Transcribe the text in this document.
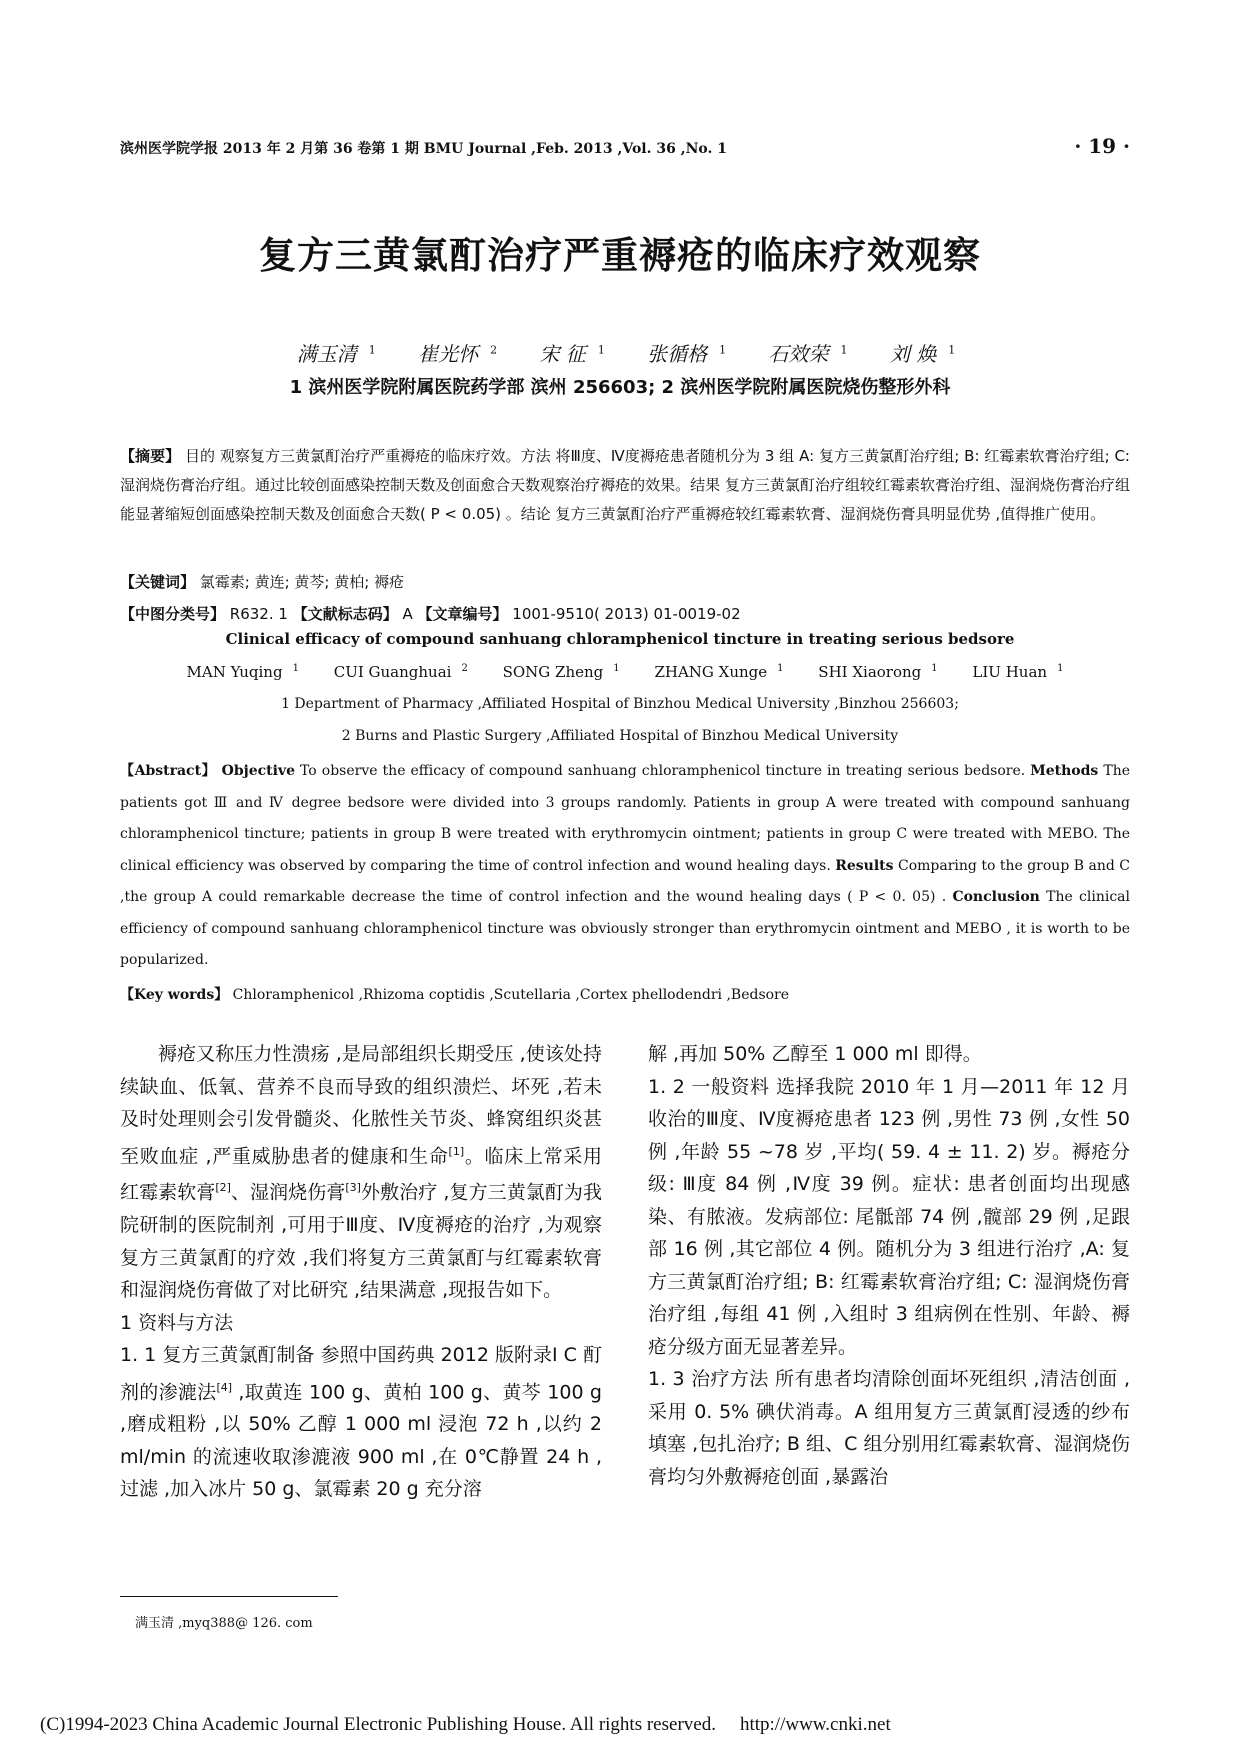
滨州医学院学报 2013 年 2 月第 36 卷第 1 期 BMU Journal ,Feb. 2013 ,Vol. 36 ,No. 1	· 19 ·
复方三黄氯酊治疗严重褥疮的临床疗效观察
满玉清 $^1$ 崔光怀 $^2$ 宋 征 $^1$ 张循格 $^1$ 石效荣 $^1$ 刘 焕 $^1$
1 滨州医学院附属医院药学部 滨州 256603; 2 滨州医学院附属医院烧伤整形外科
【摘要】 目的 观察复方三黄氯酊治疗严重褥疮的临床疗效。方法 将Ⅲ度、Ⅳ度褥疮患者随机分为 3 组 A: 复方三黄氯酊治疗组; B: 红霉素软膏治疗组; C: 湿润烧伤膏治疗组。通过比较创面感染控制天数及创面愈合天数观察治疗褥疮的效果。结果 复方三黄氯酊治疗组较红霉素软膏治疗组、湿润烧伤膏治疗组能显著缩短创面感染控制天数及创面愈合天数( P < 0.05) 。结论 复方三黄氯酊治疗严重褥疮较红霉素软膏、湿润烧伤膏具明显优势 ,值得推广使用。
【关键词】 氯霉素; 黄连; 黄芩; 黄柏; 褥疮
【中图分类号】 R632. 1 【文献标志码】 A 【文章编号】 1001-9510( 2013) 01-0019-02
Clinical efficacy of compound sanhuang chloramphenicol tincture in treating serious bedsore
MAN Yuqing $^1$ CUI Guanghuai $^2$ SONG Zheng $^1$ ZHANG Xunge $^1$ SHI Xiaorong $^1$ LIU Huan $^1$
1 Department of Pharmacy ,Affiliated Hospital of Binzhou Medical University ,Binzhou 256603;
2 Burns and Plastic Surgery ,Affiliated Hospital of Binzhou Medical University
【Abstract】 Objective To observe the efficacy of compound sanhuang chloramphenicol tincture in treating serious bedsore. Methods The patients got Ⅲ and Ⅳ degree bedsore were divided into 3 groups randomly. Patients in group A were treated with compound sanhuang chloramphenicol tincture; patients in group B were treated with erythromycin ointment; patients in group C were treated with MEBO. The clinical efficiency was observed by comparing the time of control infection and wound healing days. Results Comparing to the group B and C ,the group A could remarkable decrease the time of control infection and the wound healing days ( P < 0. 05) . Conclusion The clinical efficiency of compound sanhuang chloramphenicol tincture was obviously stronger than erythromycin ointment and MEBO , it is worth to be popularized.
【Key words】 Chloramphenicol ,Rhizoma coptidis ,Scutellaria ,Cortex phellodendri ,Bedsore

褥疮又称压力性溃疡 ,是局部组织长期受压 ,使该处持续缺血、低氧、营养不良而导致的组织溃烂、坏死 ,若未及时处理则会引发骨髓炎、化脓性关节炎、蜂窝组织炎甚至败血症 ,严重威胁患者的健康和生命[1]。临床上常采用红霉素软膏[2]、湿润烧伤膏[3]外敷治疗 ,复方三黄氯酊为我院研制的医院制剂 ,可用于Ⅲ度、Ⅳ度褥疮的治疗 ,为观察复方三黄氯酊的疗效 ,我们将复方三黄氯酊与红霉素软膏和湿润烧伤膏做了对比研究 ,结果满意 ,现报告如下。

1 资料与方法

1. 1 复方三黄氯酊制备 参照中国药典 2012 版附录Ⅰ C 酊剂的渗漉法[4] ,取黄连 100 g、黄柏 100 g、黄芩 100 g ,磨成粗粉 ,以 50% 乙醇 1 000 ml 浸泡 72 h ,以约 2 ml/min 的流速收取渗漉液 900 ml ,在 0℃静置 24 h ,过滤 ,加入冰片 50 g、氯霉素 20 g 充分溶

解 ,再加 50% 乙醇至 1 000 ml 即得。

1. 2 一般资料 选择我院 2010 年 1 月—2011 年 12 月收治的Ⅲ度、Ⅳ度褥疮患者 123 例 ,男性 73 例 ,女性 50 例 ,年龄 55 ~78 岁 ,平均( 59. 4 ± 11. 2) 岁。褥疮分级: Ⅲ度 84 例 ,Ⅳ度 39 例。症状: 患者创面均出现感染、有脓液。发病部位: 尾骶部 74 例 ,髋部 29 例 ,足跟部 16 例 ,其它部位 4 例。随机分为 3 组进行治疗 ,A: 复方三黄氯酊治疗组; B: 红霉素软膏治疗组; C: 湿润烧伤膏治疗组 ,每组 41 例 ,入组时 3 组病例在性别、年龄、褥疮分级方面无显著差异。

1. 3 治疗方法 所有患者均清除创面坏死组织 ,清洁创面 ,采用 0. 5% 碘伏消毒。A 组用复方三黄氯酊浸透的纱布填塞 ,包扎治疗; B 组、C 组分别用红霉素软膏、湿润烧伤膏均匀外敷褥疮创面 ,暴露治

满玉清 ,myq388@ 126. com
(C)1994-2023 China Academic Journal Electronic Publishing House. All rights reserved. http://www.cnki.net
